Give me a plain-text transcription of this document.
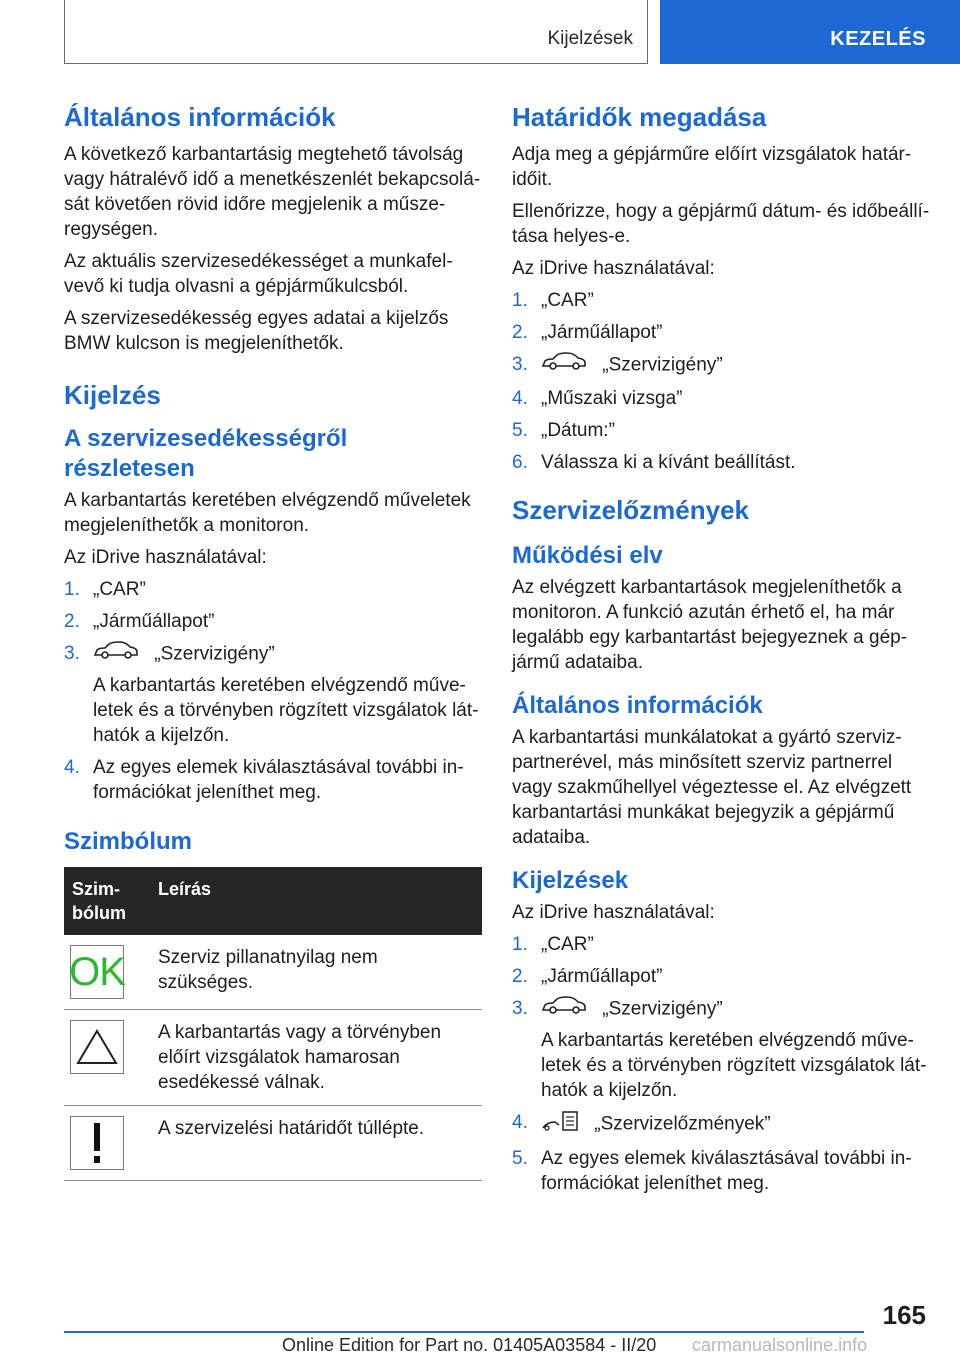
Kijelzések	KEZELÉS
Általános információk

A következő karbantartásig megtehető távolság vagy hátralévő idő a menetkészenlét bekapcsolását követően rövid időre megjelenik a műszeregységen.

Az aktuális szervizesedékességet a munkafelvevő ki tudja olvasni a gépjárműkulcsból.

A szervizesedékesség egyes adatai a kijelzős BMW kulcson is megjeleníthetők.

Kijelzés
A szervizesedékességről részletesen

A karbantartás keretében elvégzendő műveletek megjeleníthetők a monitoron.

Az iDrive használatával:

1. „CAR”
2. „Járműállapot”
3.	„Szervizigény”
A karbantartás keretében elvégzendő műveletek és a törvényben rögzített vizsgálatok láthatók a kijelzőn.
4. Az egyes elemek kiválasztásával további információkat jeleníthet meg.
Szimbólum
Szimbólum	Leírás

OK	Szerviz pillanatnyilag nem szükséges.

	A karbantartás vagy a törvényben előírt vizsgálatok hamarosan esedékessé válnak.

	A szervizelési határidőt túllépte.
Határidők megadása

Adja meg a gépjárműre előírt vizsgálatok határidőit.

Ellenőrizze, hogy a gépjármű dátum- és időbeállítása helyes-e.

Az iDrive használatával:

1. „CAR”
2. „Járműállapot”
3.	„Szervizigény”
4. „Műszaki vizsga”
5. „Dátum:”
6. Válassza ki a kívánt beállítást.
Szervizelőzmények
Működési elv

Az elvégzett karbantartások megjeleníthetők a monitoron. A funkció azután érhető el, ha már legalább egy karbantartást bejegyeznek a gépjármű adataiba.

Általános információk

A karbantartási munkálatokat a gyártó szervizpartnerével, más minősített szerviz partnerrel vagy szakműhellyel végeztesse el. Az elvégzett karbantartási munkákat bejegyzik a gépjármű adataiba.

Kijelzések

Az iDrive használatával:

1. „CAR”
2. „Járműállapot”
3.	„Szervizigény”
A karbantartás keretében elvégzendő műveletek és a törvényben rögzített vizsgálatok láthatók a kijelzőn.
4.	„Szervizelőzmények”
5. Az egyes elemek kiválasztásával további információkat jeleníthet meg.
165
Online Edition for Part no. 01405A03584 - II/20 carmanualsonline.info
